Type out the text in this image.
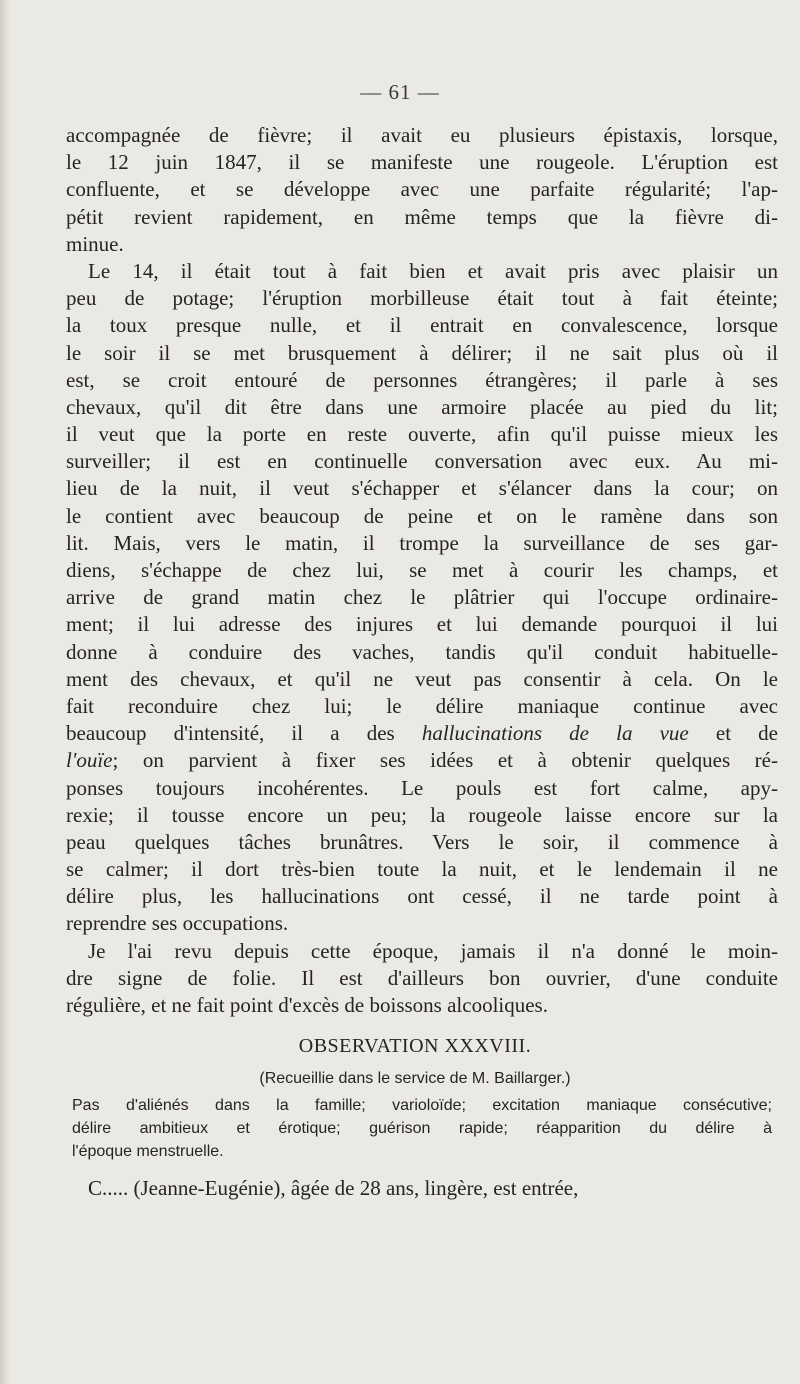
— 61 —
accompagnée de fièvre; il avait eu plusieurs épistaxis, lorsque,
le 12 juin 1847, il se manifeste une rougeole. L'éruption est
confluente, et se développe avec une parfaite régularité; l'ap-
pétit revient rapidement, en même temps que la fièvre di-
minue.
Le 14, il était tout à fait bien et avait pris avec plaisir un
peu de potage; l'éruption morbilleuse était tout à fait éteinte;
la toux presque nulle, et il entrait en convalescence, lorsque
le soir il se met brusquement à délirer; il ne sait plus où il
est, se croit entouré de personnes étrangères; il parle à ses
chevaux, qu'il dit être dans une armoire placée au pied du lit;
il veut que la porte en reste ouverte, afin qu'il puisse mieux les
surveiller; il est en continuelle conversation avec eux. Au mi-
lieu de la nuit, il veut s'échapper et s'élancer dans la cour; on
le contient avec beaucoup de peine et on le ramène dans son
lit. Mais, vers le matin, il trompe la surveillance de ses gar-
diens, s'échappe de chez lui, se met à courir les champs, et
arrive de grand matin chez le plâtrier qui l'occupe ordinaire-
ment; il lui adresse des injures et lui demande pourquoi il lui
donne à conduire des vaches, tandis qu'il conduit habituelle-
ment des chevaux, et qu'il ne veut pas consentir à cela. On le
fait reconduire chez lui; le délire maniaque continue avec
beaucoup d'intensité, il a des hallucinations de la vue et de
l'ouïe; on parvient à fixer ses idées et à obtenir quelques ré-
ponses toujours incohérentes. Le pouls est fort calme, apy-
rexie; il tousse encore un peu; la rougeole laisse encore sur la
peau quelques tâches brunâtres. Vers le soir, il commence à
se calmer; il dort très-bien toute la nuit, et le lendemain il ne
délire plus, les hallucinations ont cessé, il ne tarde point à
reprendre ses occupations.
Je l'ai revu depuis cette époque, jamais il n'a donné le moin-
dre signe de folie. Il est d'ailleurs bon ouvrier, d'une conduite
régulière, et ne fait point d'excès de boissons alcooliques.
OBSERVATION XXXVIII.
(Recueillie dans le service de M. Baillarger.)
Pas d'aliénés dans la famille; varioloïde; excitation maniaque consécutive;
délire ambitieux et érotique; guérison rapide; réapparition du délire à
l'époque menstruelle.
C..... (Jeanne-Eugénie), âgée de 28 ans, lingère, est entrée,
